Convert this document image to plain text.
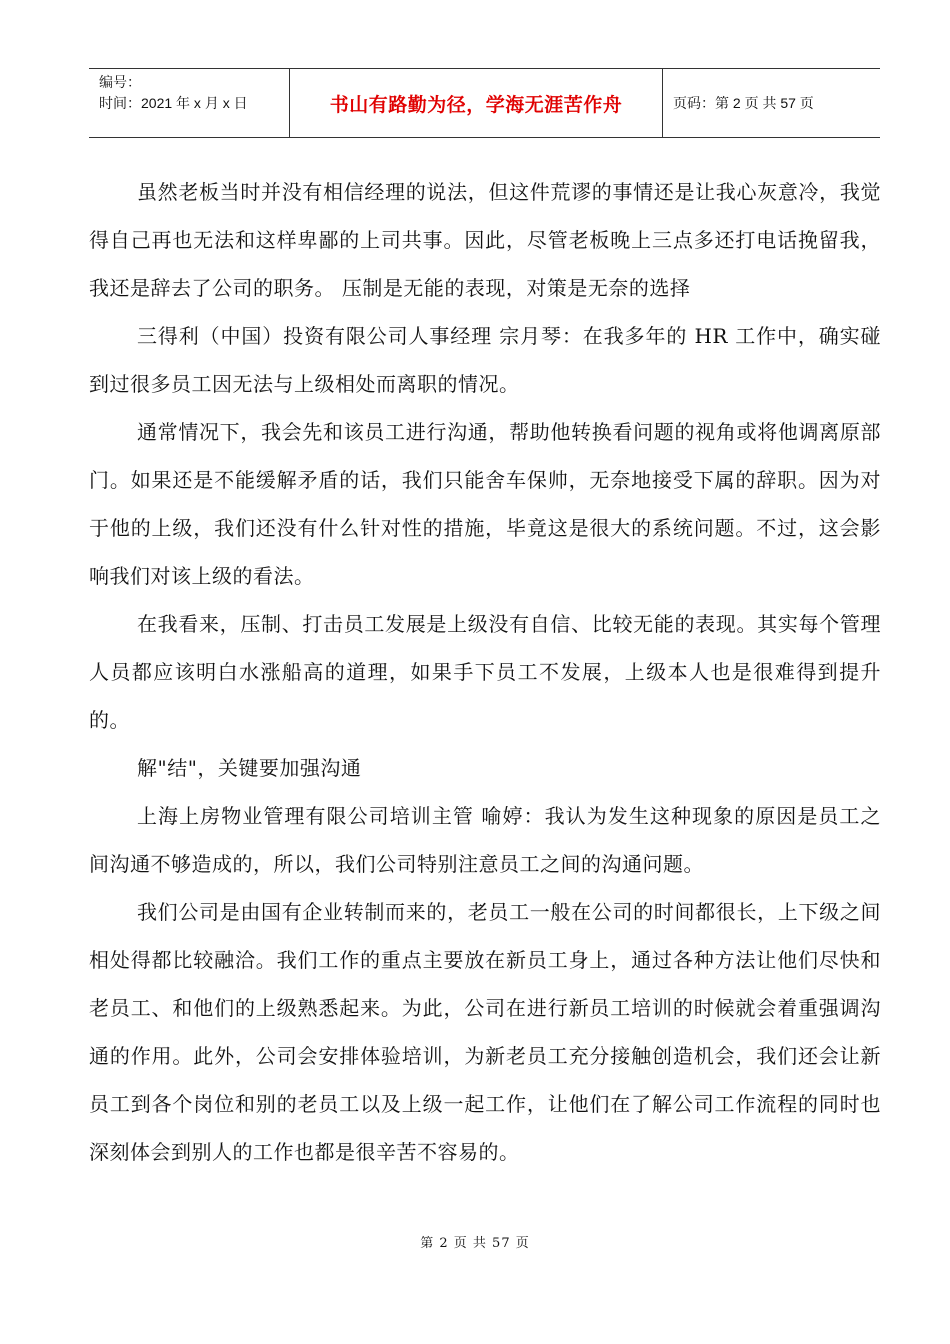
编号：
时间：2021 年 x 月 x 日	书山有路勤为径，学海无涯苦作舟	页码：第 2 页 共 57 页

虽然老板当时并没有相信经理的说法，但这件荒谬的事情还是让我心灰意冷，我觉得自己再也无法和这样卑鄙的上司共事。因此，尽管老板晚上三点多还打电话挽留我，我还是辞去了公司的职务。 压制是无能的表现，对策是无奈的选择

三得利（中国）投资有限公司人事经理 宗月琴：在我多年的 HR 工作中，确实碰到过很多员工因无法与上级相处而离职的情况。

通常情况下，我会先和该员工进行沟通，帮助他转换看问题的视角或将他调离原部门。如果还是不能缓解矛盾的话，我们只能舍车保帅，无奈地接受下属的辞职。因为对于他的上级，我们还没有什么针对性的措施，毕竟这是很大的系统问题。不过，这会影响我们对该上级的看法。

在我看来，压制、打击员工发展是上级没有自信、比较无能的表现。其实每个管理人员都应该明白水涨船高的道理，如果手下员工不发展，上级本人也是很难得到提升的。

解"结"，关键要加强沟通

上海上房物业管理有限公司培训主管 喻婷：我认为发生这种现象的原因是员工之间沟通不够造成的，所以，我们公司特别注意员工之间的沟通问题。

我们公司是由国有企业转制而来的，老员工一般在公司的时间都很长，上下级之间相处得都比较融洽。我们工作的重点主要放在新员工身上，通过各种方法让他们尽快和老员工、和他们的上级熟悉起来。为此，公司在进行新员工培训的时候就会着重强调沟通的作用。此外，公司会安排体验培训，为新老员工充分接触创造机会，我们还会让新员工到各个岗位和别的老员工以及上级一起工作，让他们在了解公司工作流程的同时也深刻体会到别人的工作也都是很辛苦不容易的。

第 2 页 共 57 页
